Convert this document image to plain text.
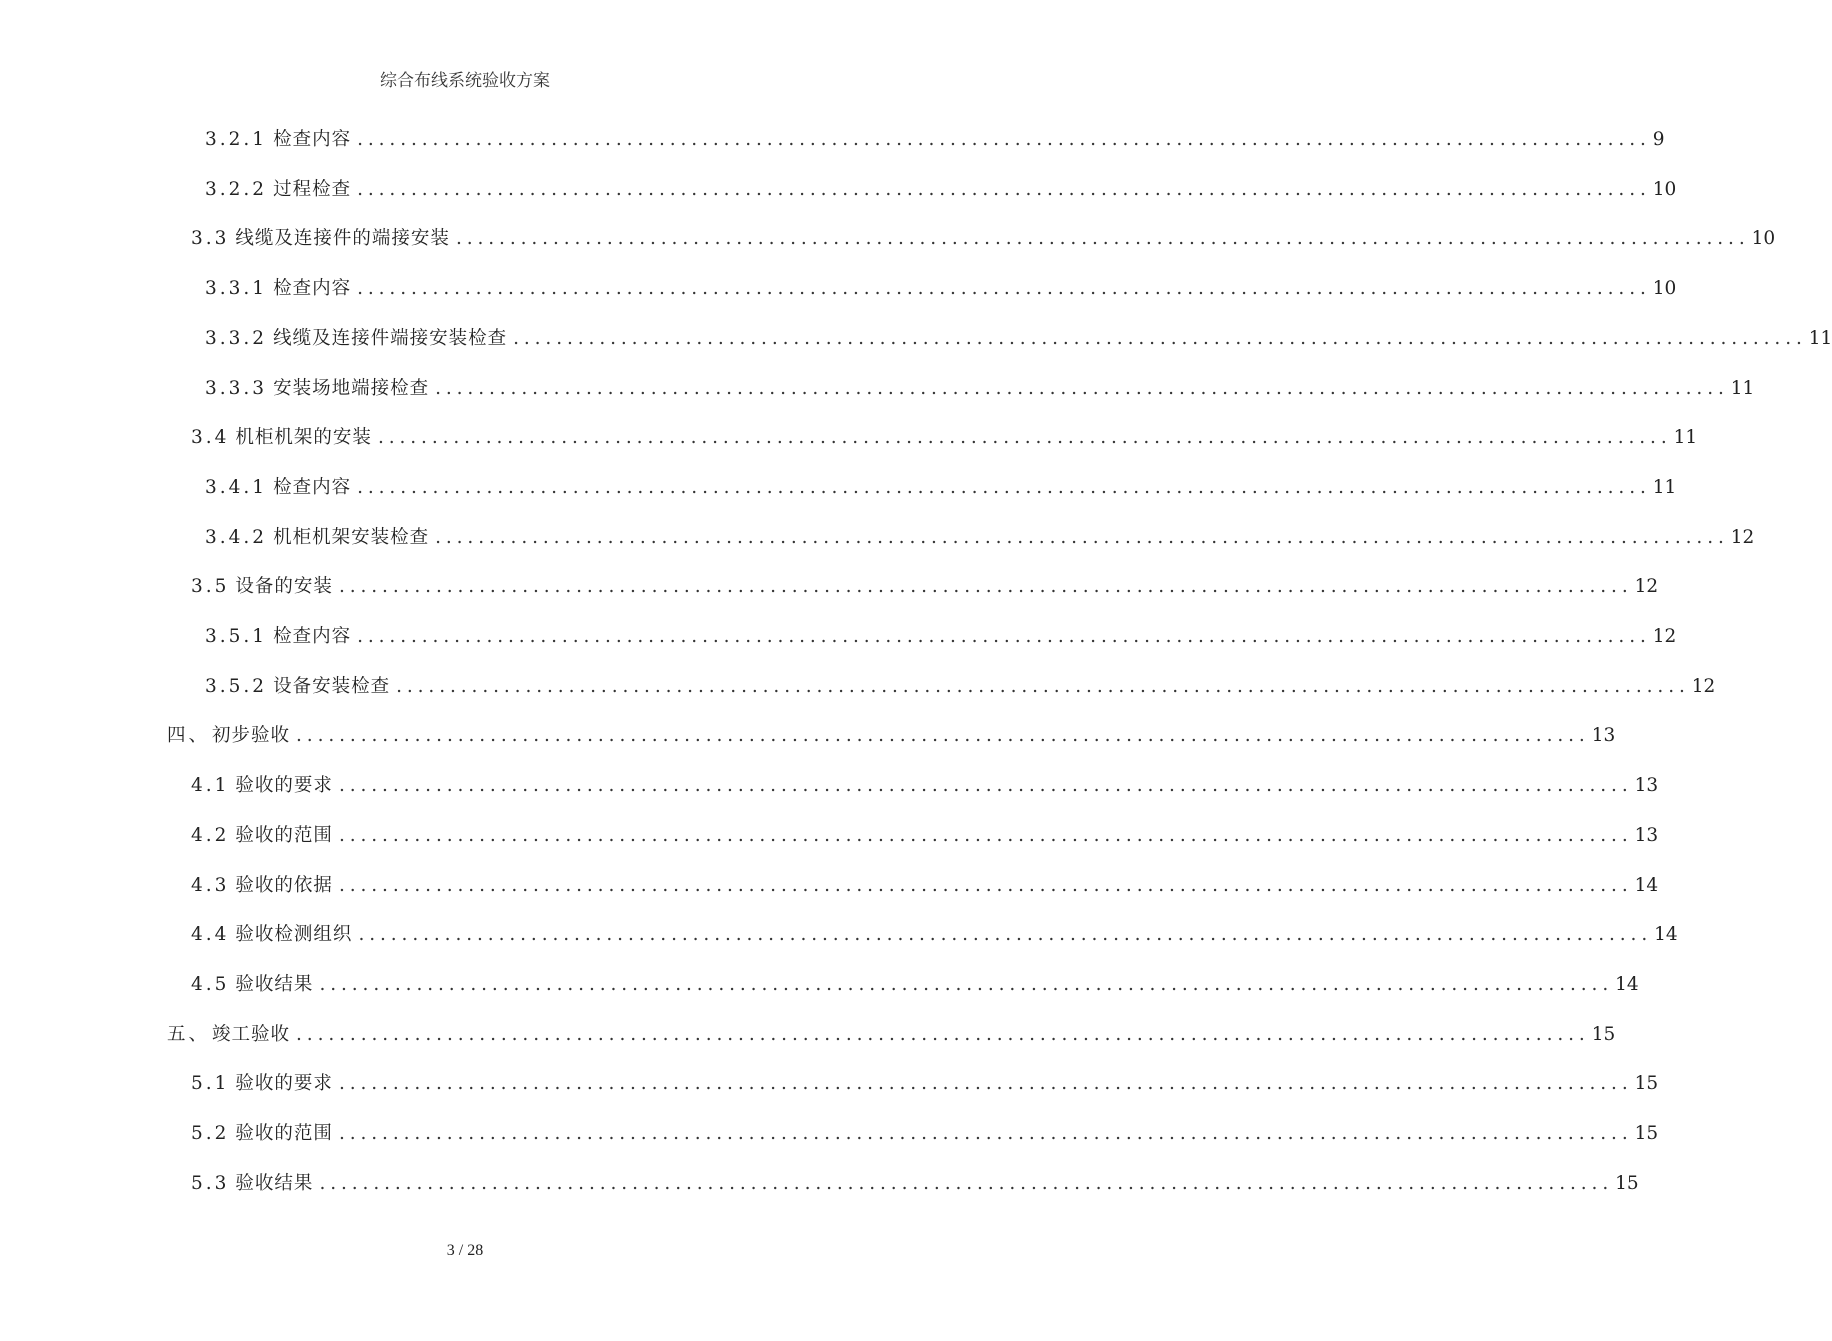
综合布线系统验收方案
3.2.1 检查内容 ........................................................................................................................ 9
3.2.2 过程检查 ........................................................................................................................ 10
3.3 线缆及连接件的端接安装 ........................................................................................................................ 10
3.3.1 检查内容 ........................................................................................................................ 10
3.3.2 线缆及连接件端接安装检查 ........................................................................................................................ 11
3.3.3 安装场地端接检查 ........................................................................................................................ 11
3.4 机柜机架的安装 ........................................................................................................................ 11
3.4.1 检查内容 ........................................................................................................................ 11
3.4.2 机柜机架安装检查 ........................................................................................................................ 12
3.5 设备的安装 ........................................................................................................................ 12
3.5.1 检查内容 ........................................................................................................................ 12
3.5.2 设备安装检查 ........................................................................................................................ 12
四、 初步验收 ........................................................................................................................ 13
4.1 验收的要求 ........................................................................................................................ 13
4.2 验收的范围 ........................................................................................................................ 13
4.3 验收的依据 ........................................................................................................................ 14
4.4 验收检测组织 ........................................................................................................................ 14
4.5 验收结果 ........................................................................................................................ 14
五、 竣工验收 ........................................................................................................................ 15
5.1 验收的要求 ........................................................................................................................ 15
5.2 验收的范围 ........................................................................................................................ 15
5.3 验收结果 ........................................................................................................................ 15
3 / 28
